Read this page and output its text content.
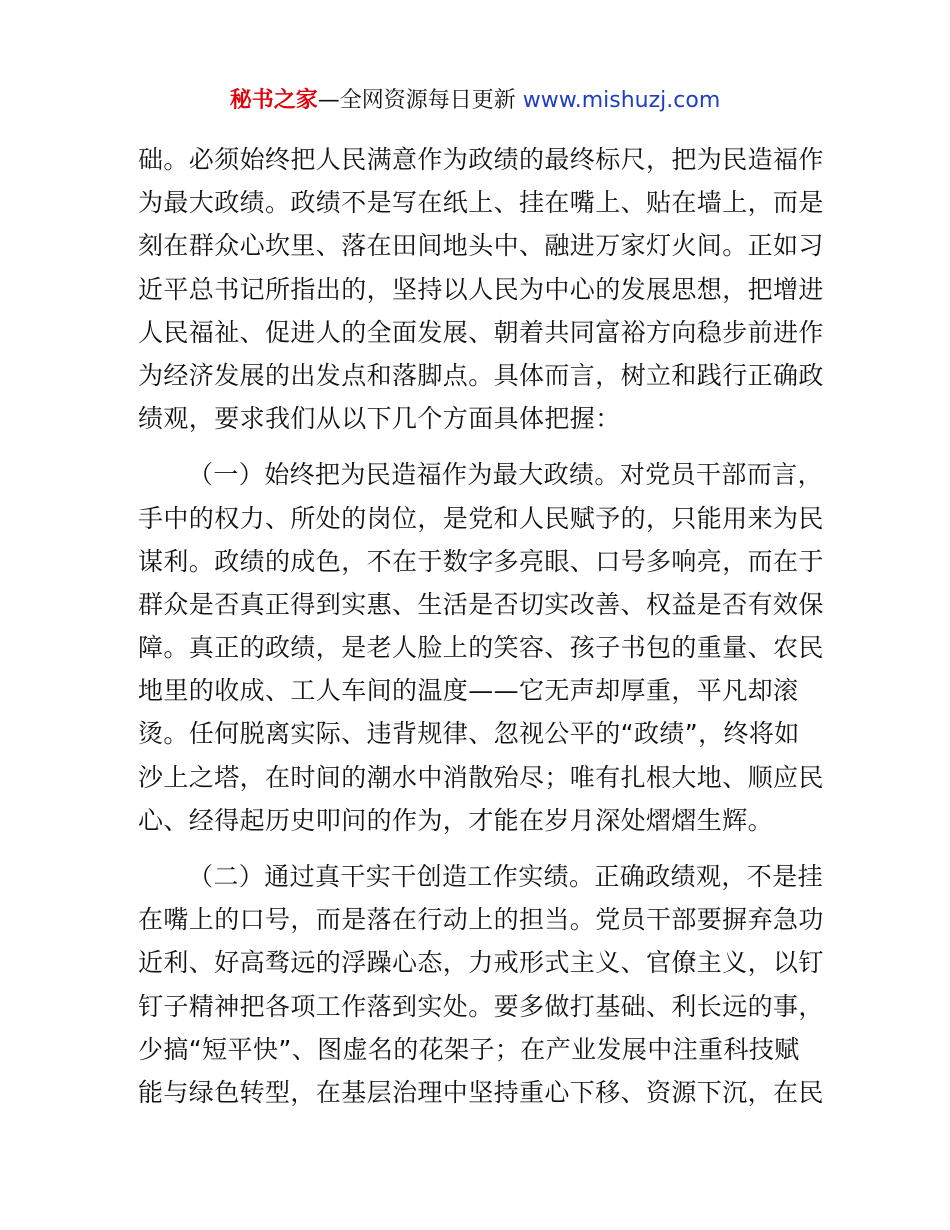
秘书之家—全网资源每日更新 www.mishuzj.com

础。必须始终把人民满意作为政绩的最终标尺，把为民造福作
为最大政绩。政绩不是写在纸上、挂在嘴上、贴在墙上，而是
刻在群众心坎里、落在田间地头中、融进万家灯火间。正如习
近平总书记所指出的，坚持以人民为中心的发展思想，把增进
人民福祉、促进人的全面发展、朝着共同富裕方向稳步前进作
为经济发展的出发点和落脚点。具体而言，树立和践行正确政
绩观，要求我们从以下几个方面具体把握：

（一）始终把为民造福作为最大政绩。对党员干部而言，
手中的权力、所处的岗位，是党和人民赋予的，只能用来为民
谋利。政绩的成色，不在于数字多亮眼、口号多响亮，而在于
群众是否真正得到实惠、生活是否切实改善、权益是否有效保
障。真正的政绩，是老人脸上的笑容、孩子书包的重量、农民
地里的收成、工人车间的温度——它无声却厚重，平凡却滚
烫。任何脱离实际、违背规律、忽视公平的“政绩”，终将如
沙上之塔，在时间的潮水中消散殆尽；唯有扎根大地、顺应民
心、经得起历史叩问的作为，才能在岁月深处熠熠生辉。

（二）通过真干实干创造工作实绩。正确政绩观，不是挂
在嘴上的口号，而是落在行动上的担当。党员干部要摒弃急功
近利、好高骛远的浮躁心态，力戒形式主义、官僚主义，以钉
钉子精神把各项工作落到实处。要多做打基础、利长远的事，
少搞“短平快”、图虚名的花架子；在产业发展中注重科技赋
能与绿色转型，在基层治理中坚持重心下移、资源下沉，在民
